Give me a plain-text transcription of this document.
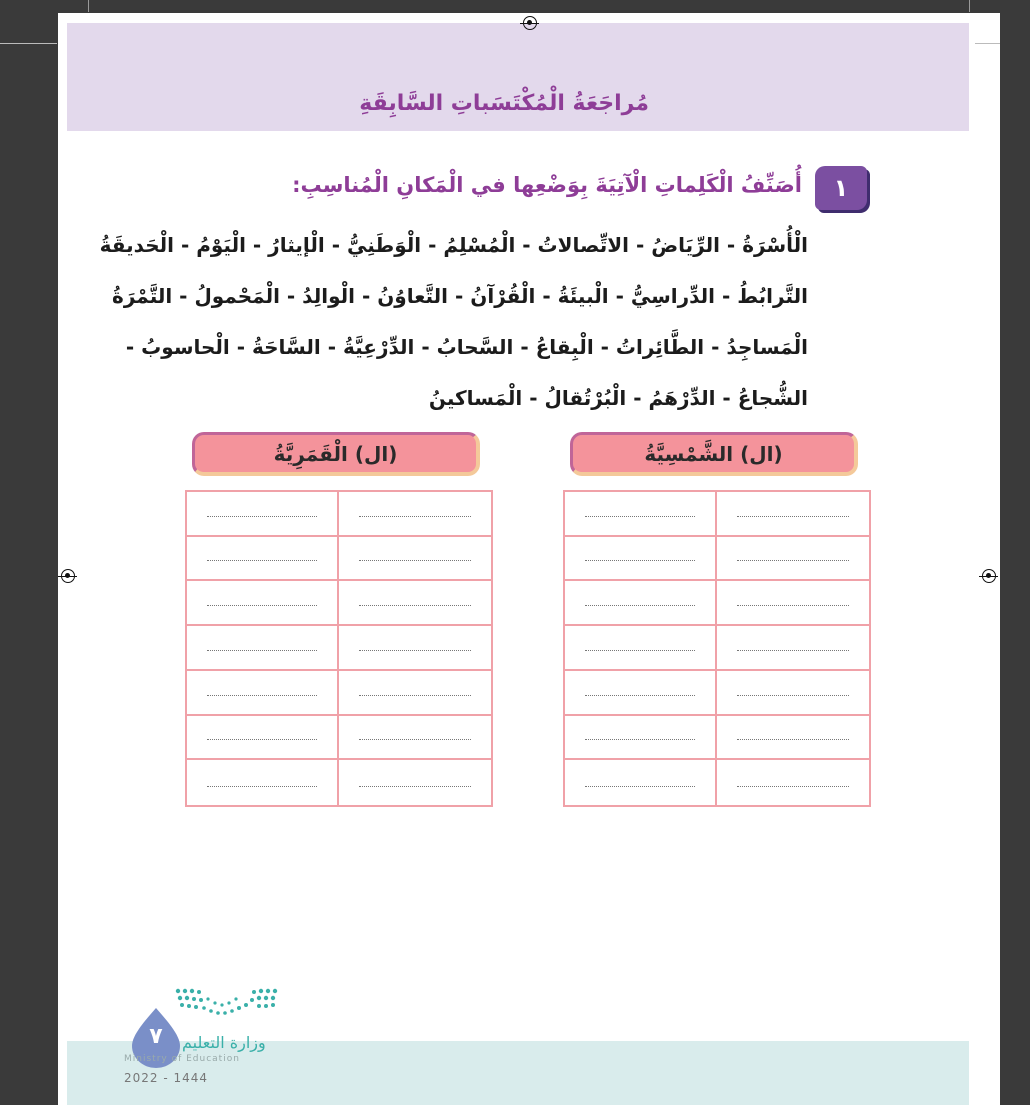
مُراجَعَةُ الْمُكْتَسَباتِ السَّابِقَةِ
١
أُصَنِّفُ الْكَلِماتِ الْآتِيَةَ بِوَضْعِها في الْمَكانِ الْمُناسِبِ:
الْأُسْرَةُ - الرِّيَاضُ - الاتِّصالاتُ - الْمُسْلِمُ - الْوَطَنِيُّ - الْإيثارُ - الْيَوْمُ - الْحَديقَةُ
التَّرابُطُ - الدِّراسِيُّ - الْبيئَةُ - الْقُرْآنُ - التَّعاوُنُ - الْوالِدُ - الْمَحْمولُ - التَّمْرَةُ
الْمَساجِدُ - الطَّائِراتُ - الْبِقاعُ - السَّحابُ - الدِّرْعِيَّةُ - السَّاحَةُ - الْحاسوبُ -
الشُّجاعُ - الدِّرْهَمُ - الْبُرْتُقالُ - الْمَساكينُ
(ال) الْقَمَرِيَّةُ	(ال) الشَّمْسِيَّةُ
٧	وزارة التعليم
Ministry of Education
2022 - 1444
